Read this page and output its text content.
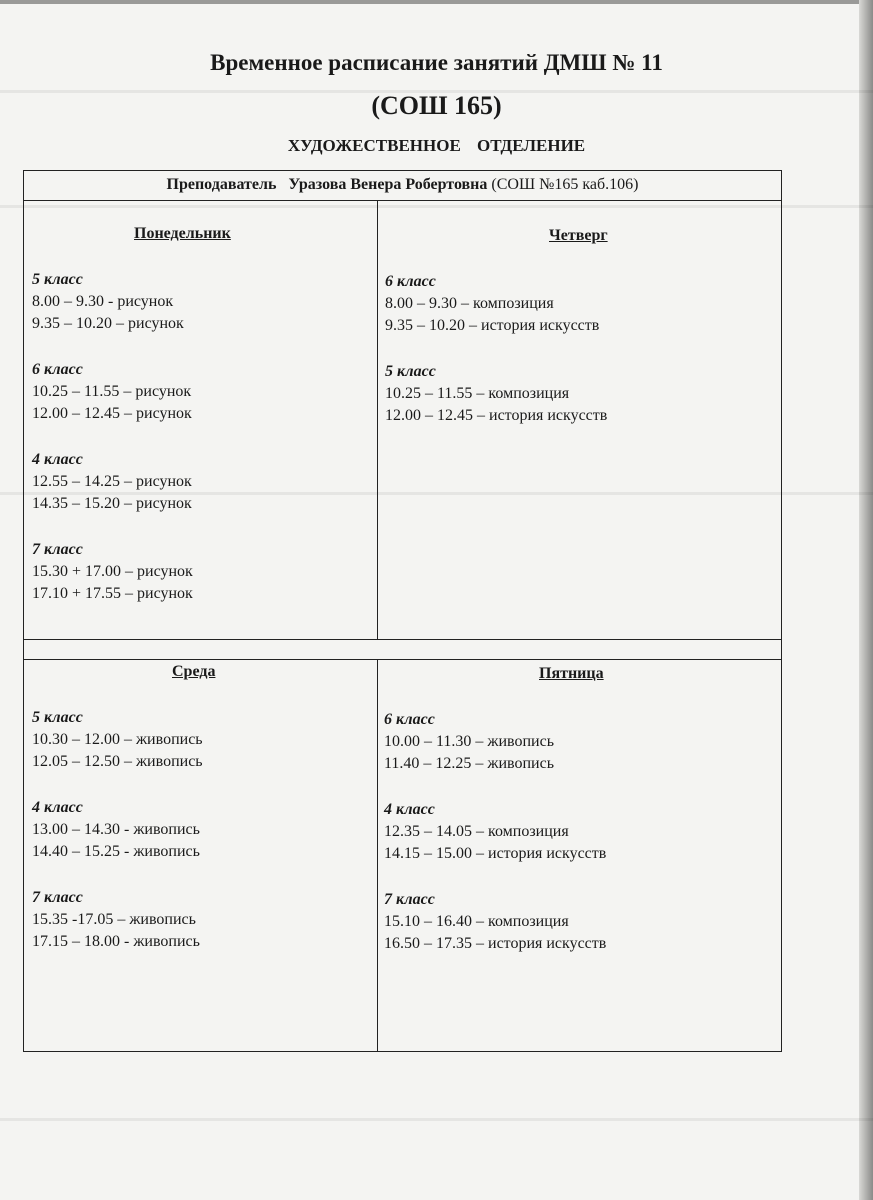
Временное расписание занятий ДМШ № 11
(СОШ 165)
ХУДОЖЕСТВЕННОЕ ОТДЕЛЕНИЕ
Преподаватель Уразова Венера Робертовна (СОШ №165 каб.106)
Понедельник
5 класс
8.00 – 9.30 - рисунок
9.35 – 10.20 – рисунок
6 класс
10.25 – 11.55 – рисунок
12.00 – 12.45 – рисунок
4 класс
12.55 – 14.25 – рисунок
14.35 – 15.20 – рисунок
7 класс
15.30 + 17.00 – рисунок
17.10 + 17.55 – рисунок
Четверг
6 класс
8.00 – 9.30 – композиция
9.35 – 10.20 – история искусств
5 класс
10.25 – 11.55 – композиция
12.00 – 12.45 – история искусств
Среда
5 класс
10.30 – 12.00 – живопись
12.05 – 12.50 – живопись
4 класс
13.00 – 14.30 - живопись
14.40 – 15.25 - живопись
7 класс
15.35 -17.05 – живопись
17.15 – 18.00 - живопись
Пятница
6 класс
10.00 – 11.30 – живопись
11.40 – 12.25 – живопись
4 класс
12.35 – 14.05 – композиция
14.15 – 15.00 – история искусств
7 класс
15.10 – 16.40 – композиция
16.50 – 17.35 – история искусств
